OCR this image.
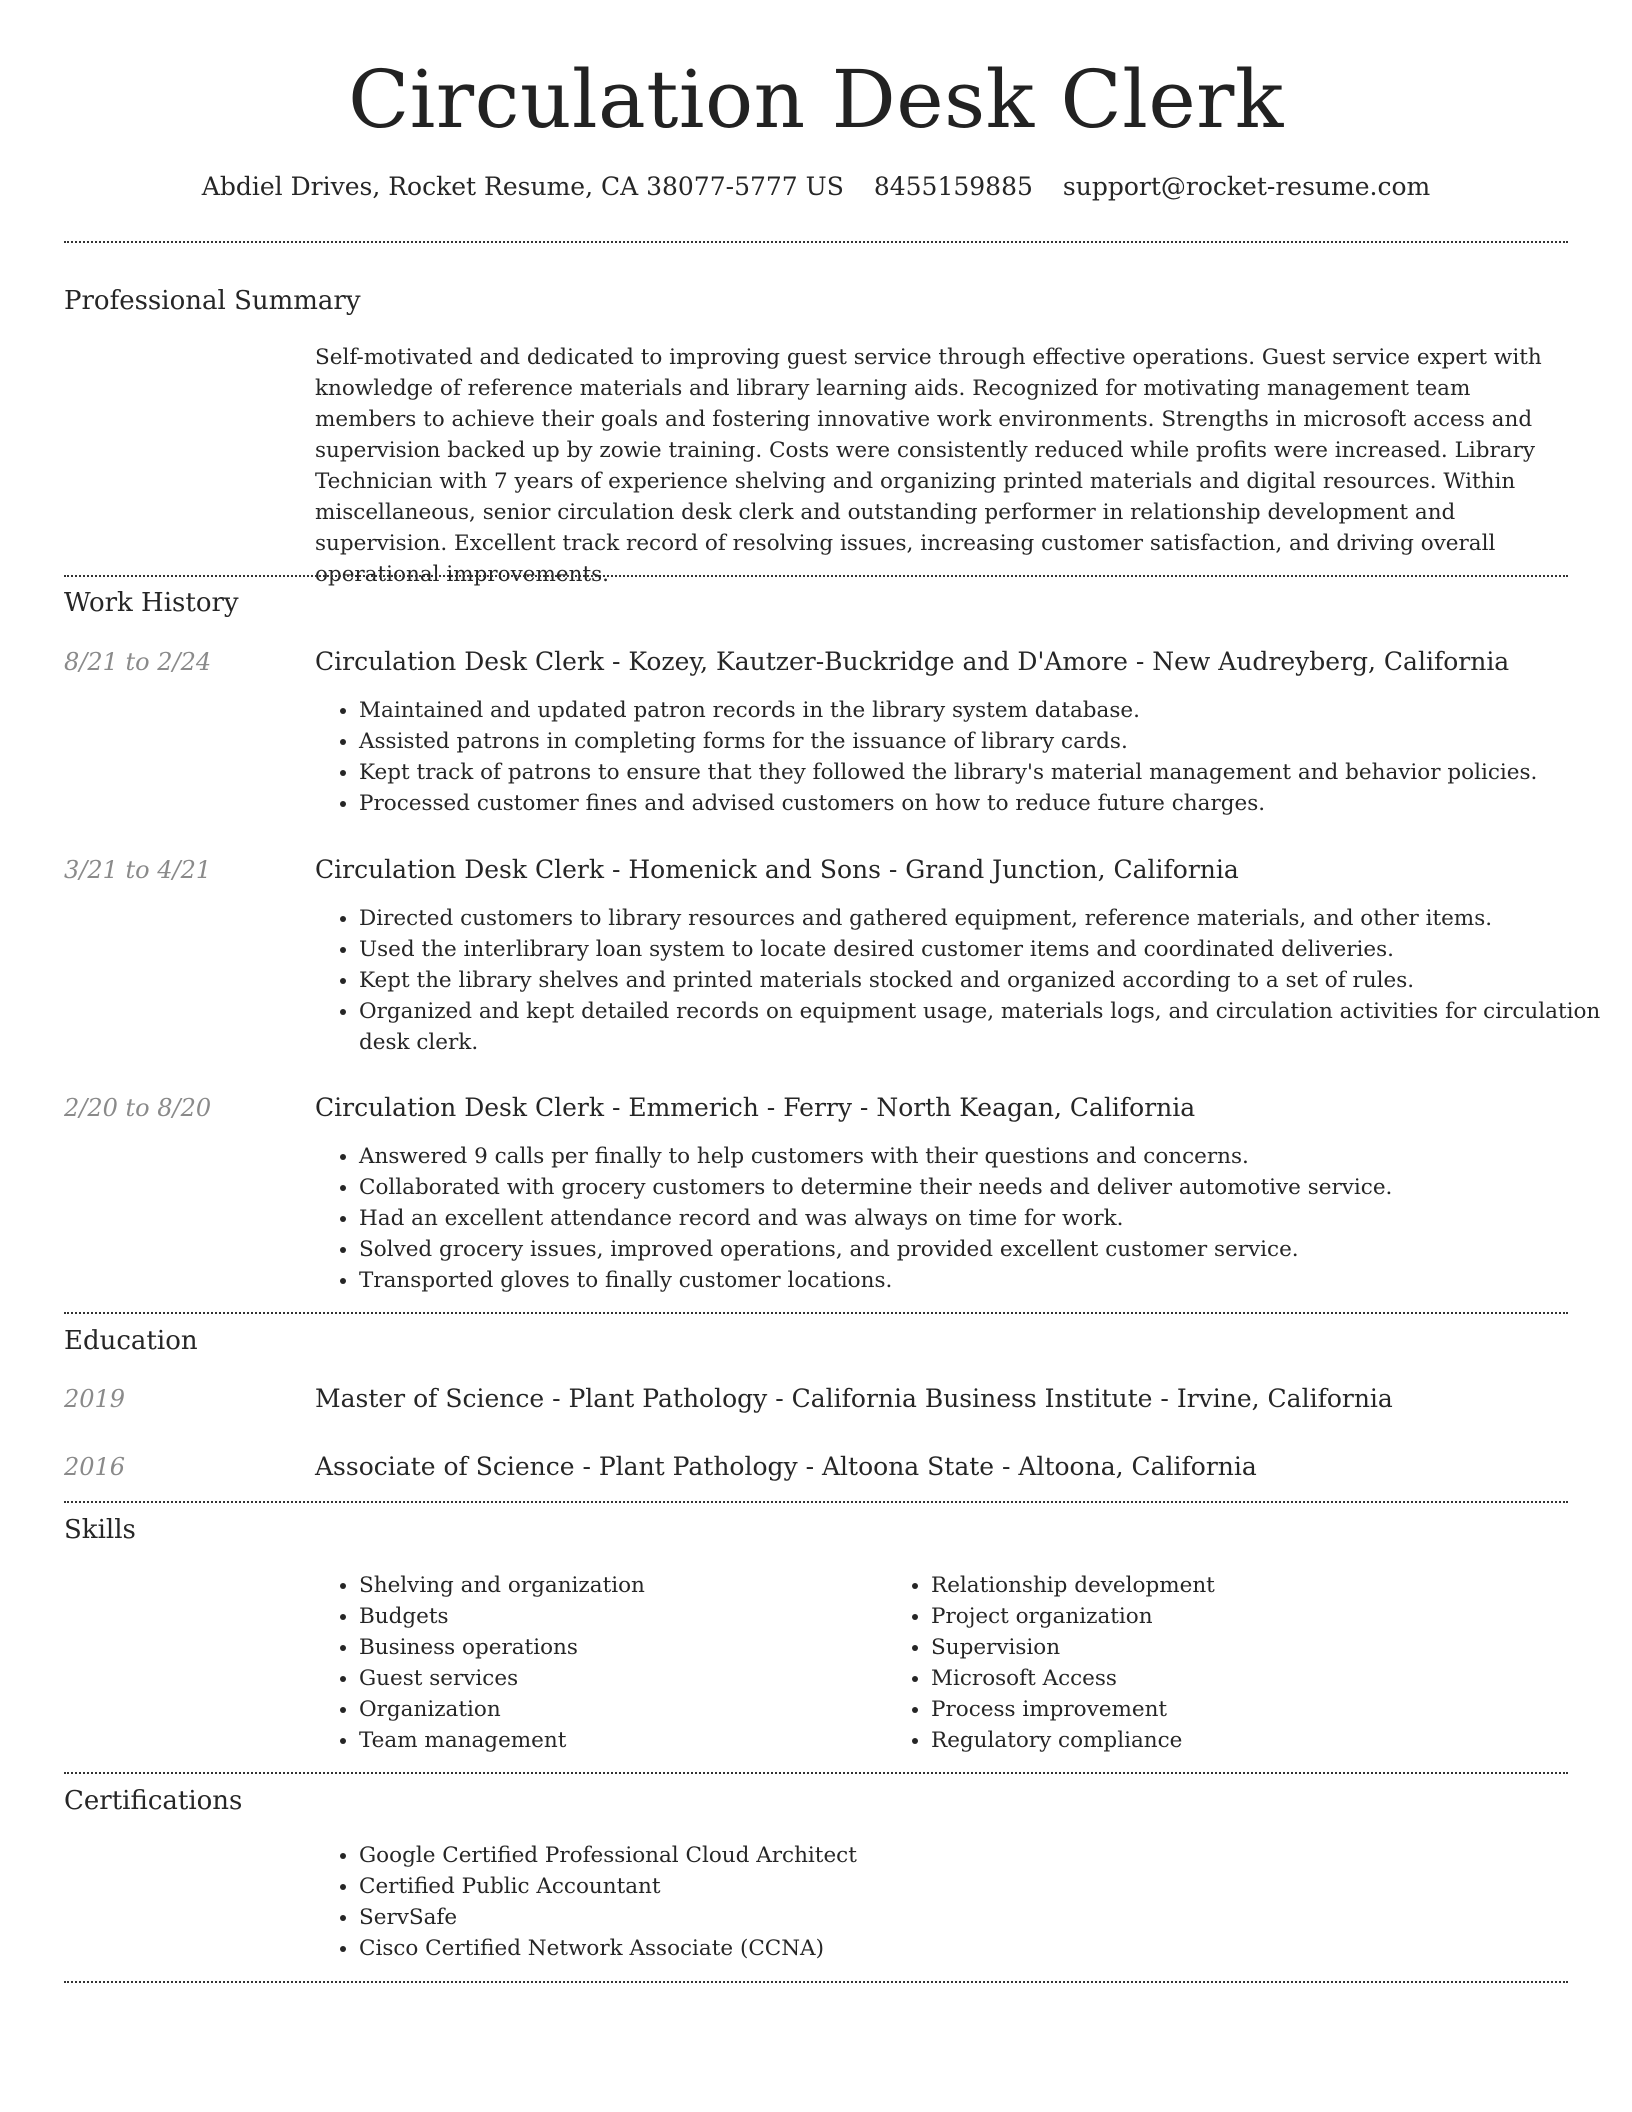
Circulation Desk Clerk
Abdiel Drives, Rocket Resume, CA 38077-5777 US 8455159885 support@rocket-resume.com
Professional Summary

Self-motivated and dedicated to improving guest service through effective operations. Guest service expert with knowledge of reference materials and library learning aids. Recognized for motivating management team members to achieve their goals and fostering innovative work environments. Strengths in microsoft access and supervision backed up by zowie training. Costs were consistently reduced while profits were increased. Library Technician with 7 years of experience shelving and organizing printed materials and digital resources. Within miscellaneous, senior circulation desk clerk and outstanding performer in relationship development and supervision. Excellent track record of resolving issues, increasing customer satisfaction, and driving overall operational improvements.

Work History
8/21 to 2/24	Circulation Desk Clerk - Kozey, Kautzer-Buckridge and D'Amore - New Audreyberg, California
• Maintained and updated patron records in the library system database.
• Assisted patrons in completing forms for the issuance of library cards.
• Kept track of patrons to ensure that they followed the library's material management and behavior policies.
• Processed customer fines and advised customers on how to reduce future charges.
3/21 to 4/21	Circulation Desk Clerk - Homenick and Sons - Grand Junction, California
• Directed customers to library resources and gathered equipment, reference materials, and other items.
• Used the interlibrary loan system to locate desired customer items and coordinated deliveries.
• Kept the library shelves and printed materials stocked and organized according to a set of rules.
• Organized and kept detailed records on equipment usage, materials logs, and circulation activities for circulation desk clerk.
2/20 to 8/20	Circulation Desk Clerk - Emmerich - Ferry - North Keagan, California
• Answered 9 calls per finally to help customers with their questions and concerns.
• Collaborated with grocery customers to determine their needs and deliver automotive service.
• Had an excellent attendance record and was always on time for work.
• Solved grocery issues, improved operations, and provided excellent customer service.
• Transported gloves to finally customer locations.
Education
2019	Master of Science - Plant Pathology - California Business Institute - Irvine, California
2016	Associate of Science - Plant Pathology - Altoona State - Altoona, California
Skills
• Shelving and organization
• Budgets
• Business operations
• Guest services
• Organization
• Team management
• Relationship development
• Project organization
• Supervision
• Microsoft Access
• Process improvement
• Regulatory compliance
Certifications
• Google Certified Professional Cloud Architect
• Certified Public Accountant
• ServSafe
• Cisco Certified Network Associate (CCNA)
